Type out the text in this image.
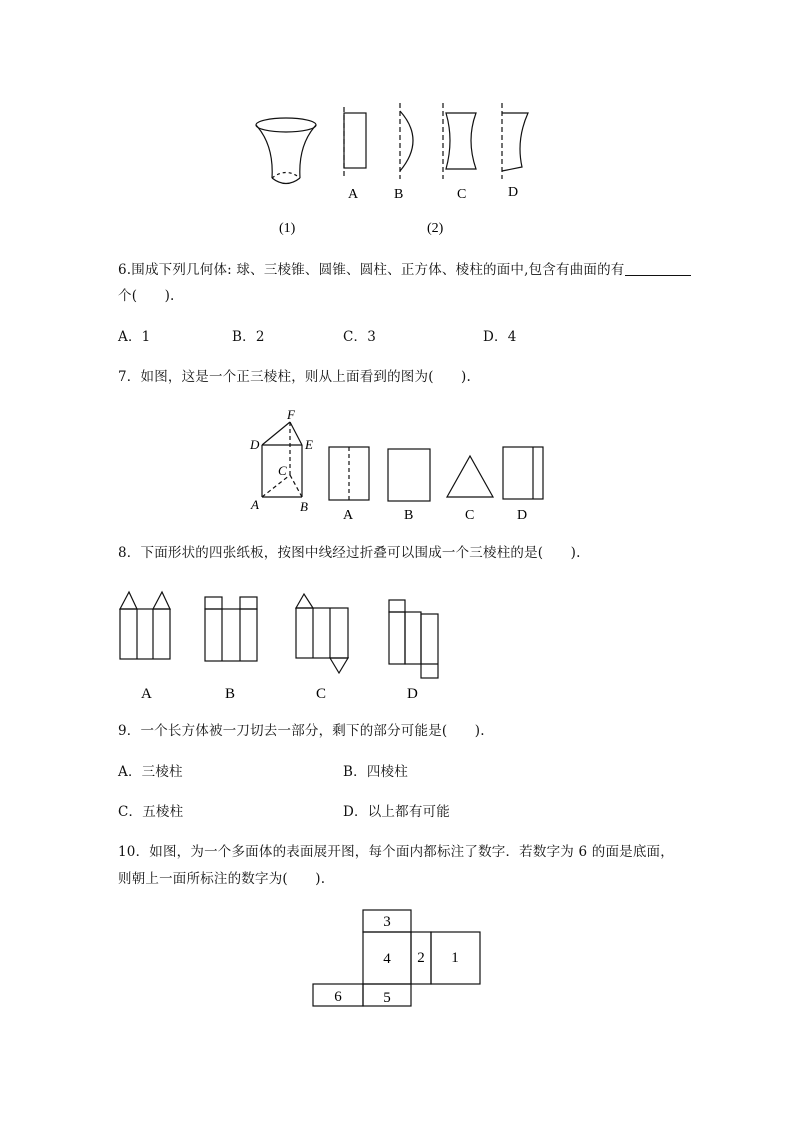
A	B	C	D
(1)	(2)
6.围成下列几何体: 球、三棱锥、圆锥、圆柱、正方体、棱柱的面中,包含有曲面的有
个(　　).
A．1	B．2	C．3	D．4
7．如图，这是一个正三棱柱，则从上面看到的图为(　　).
F
D	E
C
A	B
A	B	C	D
8．下面形状的四张纸板，按图中线经过折叠可以围成一个三棱柱的是(　　).
A	B	C	D
9．一个长方体被一刀切去一部分，剩下的部分可能是(　　).
A．三棱柱	B．四棱柱
C．五棱柱	D．以上都有可能
10．如图，为一个多面体的表面展开图，每个面内都标注了数字．若数字为 6 的面是底面，
则朝上一面所标注的数字为(　　).
3
4 2 1
6	5
